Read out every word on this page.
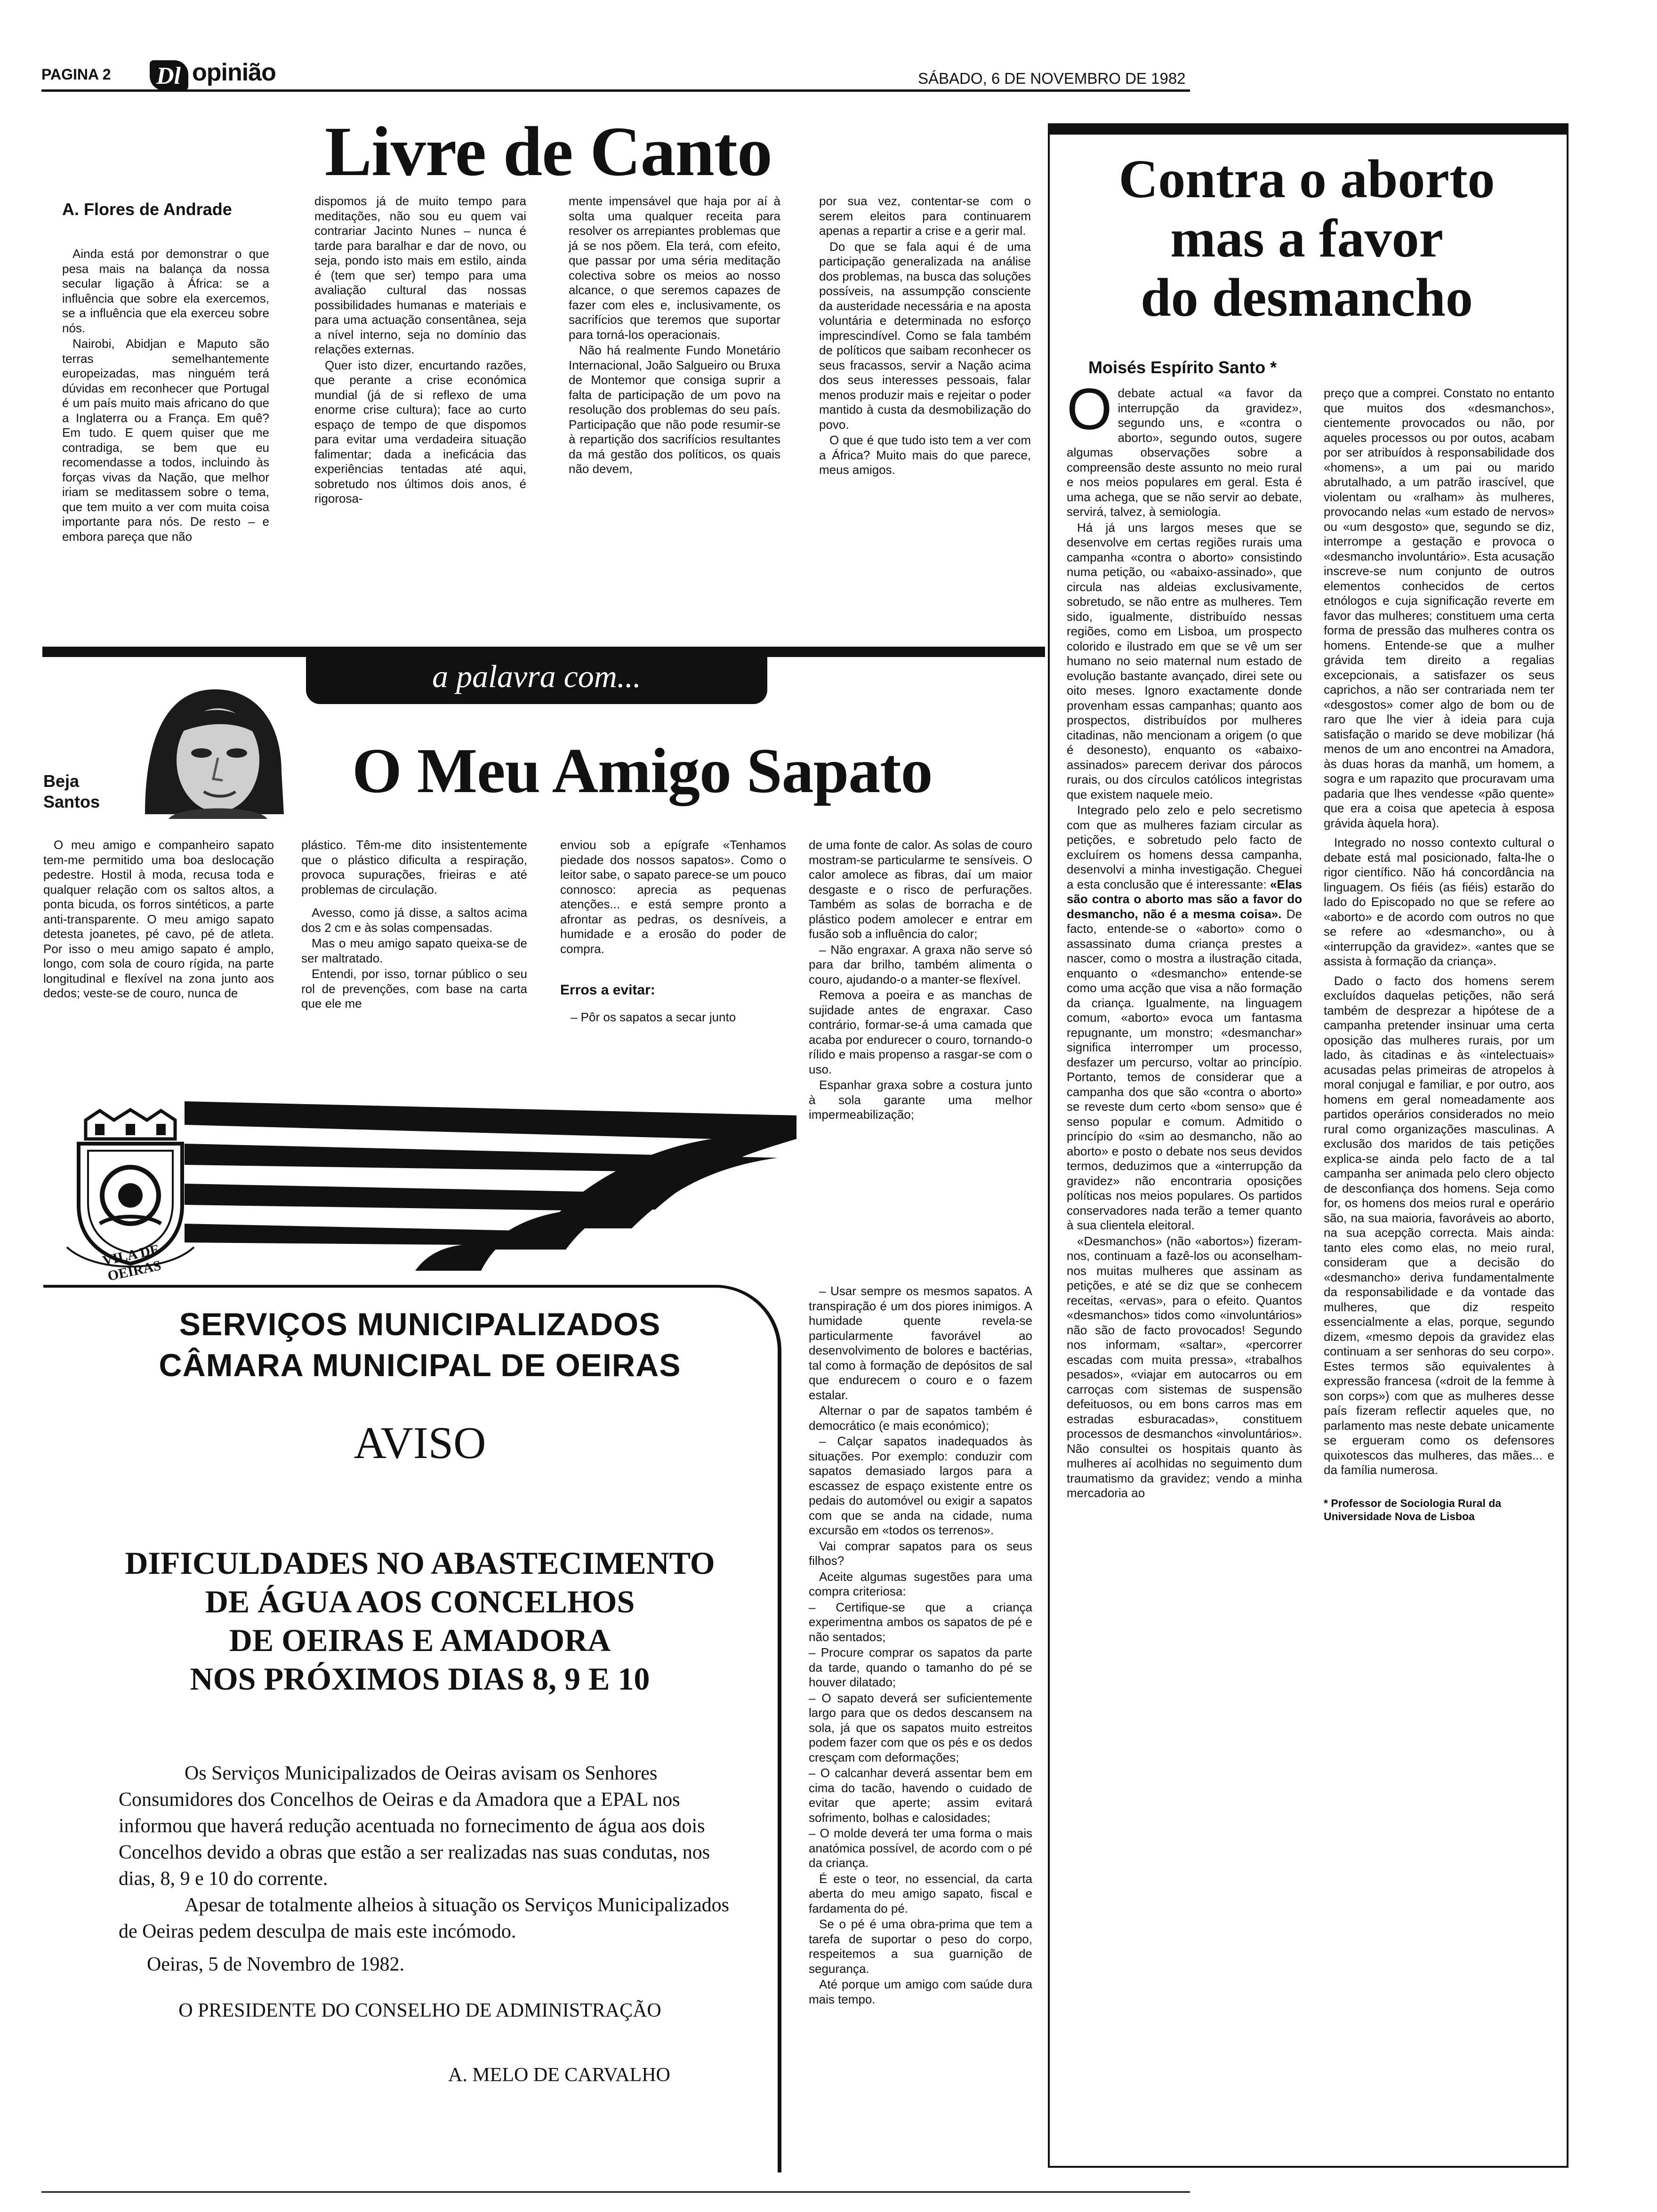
PAGINA 2 Dl opinião	SÁBADO, 6 DE NOVEMBRO DE 1982
Livre de Canto
A. Flores de Andrade

Ainda está por demonstrar o que pesa mais na balança da nossa secular ligação à África: se a influência que sobre ela exercemos, se a influência que ela exerceu sobre nós.

Nairobi, Abidjan e Maputo são terras semelhantemente europeizadas, mas ninguém terá dúvidas em reconhecer que Portugal é um país muito mais africano do que a Inglaterra ou a França. Em quê? Em tudo. E quem quiser que me contradiga, se bem que eu recomendasse a todos, incluindo às forças vivas da Nação, que melhor iriam se meditassem sobre o tema, que tem muito a ver com muita coisa importante para nós. De resto – e embora pareça que não

dispomos já de muito tempo para meditações, não sou eu quem vai contrariar Jacinto Nunes – nunca é tarde para baralhar e dar de novo, ou seja, pondo isto mais em estilo, ainda é (tem que ser) tempo para uma avaliação cultural das nossas possibilidades humanas e materiais e para uma actuação consentânea, seja a nível interno, seja no domínio das relações externas.

Quer isto dizer, encurtando razões, que perante a crise económica mundial (já de si reflexo de uma enorme crise cultura); face ao curto espaço de tempo de que dispomos para evitar uma verdadeira situação falimentar; dada a ineficácia das experiências tentadas até aqui, sobretudo nos últimos dois anos, é rigorosa-

mente impensável que haja por aí à solta uma qualquer receita para resolver os arrepiantes problemas que já se nos põem. Ela terá, com efeito, que passar por uma séria meditação colectiva sobre os meios ao nosso alcance, o que seremos capazes de fazer com eles e, inclusivamente, os sacrifícios que teremos que suportar para torná-los operacionais.

Não há realmente Fundo Monetário Internacional, João Salgueiro ou Bruxa de Montemor que consiga suprir a falta de participação de um povo na resolução dos problemas do seu país. Participação que não pode resumir-se à repartição dos sacrifícios resultantes da má gestão dos políticos, os quais não devem,

por sua vez, contentar-se com o serem eleitos para continuarem apenas a repartir a crise e a gerir mal.

Do que se fala aqui é de uma participação generalizada na análise dos problemas, na busca das soluções possíveis, na assumpção consciente da austeridade necessária e na aposta voluntária e determinada no esforço imprescindível. Como se fala também de políticos que saibam reconhecer os seus fracassos, servir a Nação acima dos seus interesses pessoais, falar menos produzir mais e rejeitar o poder mantido à custa da desmobilização do povo.

O que é que tudo isto tem a ver com a África? Muito mais do que parece, meus amigos.

a palavra com...
Beja Santos	O Meu Amigo Sapato

O meu amigo e companheiro sapato tem-me permitido uma boa deslocação pedestre. Hostil à moda, recusa toda e qualquer relação com os saltos altos, a ponta bicuda, os forros sintéticos, a parte anti-transparente. O meu amigo sapato detesta joanetes, pé cavo, pé de atleta. Por isso o meu amigo sapato é amplo, longo, com sola de couro rígida, na parte longitudinal e flexível na zona junto aos dedos; veste-se de couro, nunca de

plástico. Têm-me dito insistentemente que o plástico dificulta a respiração, provoca supurações, frieiras e até problemas de circulação.

Avesso, como já disse, a saltos acima dos 2 cm e às solas compensadas.

Mas o meu amigo sapato queixa-se de ser maltratado.

Entendi, por isso, tornar público o seu rol de prevenções, com base na carta que ele me

enviou sob a epígrafe «Tenhamos piedade dos nossos sapatos». Como o leitor sabe, o sapato parece-se um pouco connosco: aprecia as pequenas atenções... e está sempre pronto a afrontar as pedras, os desníveis, a humidade e a erosão do poder de compra.

Erros a evitar:

– Pôr os sapatos a secar junto

de uma fonte de calor. As solas de couro mostram-se particularme te sensíveis. O calor amolece as fibras, daí um maior desgaste e o risco de perfurações. Também as solas de borracha e de plástico podem amolecer e entrar em fusão sob a influência do calor;

– Não engraxar. A graxa não serve só para dar brilho, também alimenta o couro, ajudando-o a manter-se flexível.

Remova a poeira e as manchas de sujidade antes de engraxar. Caso contrário, formar-se-á uma camada que acaba por endurecer o couro, tornando-o rílido e mais propenso a rasgar-se com o uso.

Espanhar graxa sobre a costura junto à sola garante uma melhor impermeabilização;

– Usar sempre os mesmos sapatos. A transpiração é um dos piores inimigos. A humidade quente revela-se particularmente favorável ao desenvolvimento de bolores e bactérias, tal como à formação de depósitos de sal que endurecem o couro e o fazem estalar.

Alternar o par de sapatos também é democrático (e mais económico);

– Calçar sapatos inadequados às situações. Por exemplo: conduzir com sapatos demasiado largos para a escassez de espaço existente entre os pedais do automóvel ou exigir a sapatos com que se anda na cidade, numa excursão em «todos os terrenos».

Vai comprar sapatos para os seus filhos?

Aceite algumas sugestões para uma compra criteriosa:

– Certifique-se que a criança experimentna ambos os sapatos de pé e não sentados;

– Procure comprar os sapatos da parte da tarde, quando o tamanho do pé se houver dilatado;

– O sapato deverá ser suficientemente largo para que os dedos descansem na sola, já que os sapatos muito estreitos podem fazer com que os pés e os dedos cresçam com deformações;

– O calcanhar deverá assentar bem em cima do tacão, havendo o cuidado de evitar que aperte; assim evitará sofrimento, bolhas e calosidades;

– O molde deverá ter uma forma o mais anatómica possível, de acordo com o pé da criança.

É este o teor, no essencial, da carta aberta do meu amigo sapato, fiscal e fardamenta do pé.

Se o pé é uma obra-prima que tem a tarefa de suportar o peso do corpo, respeitemos a sua guarnição de segurança.

Até porque um amigo com saúde dura mais tempo.

VILA DE OEIRAS
SERVIÇOS MUNICIPALIZADOS
CÂMARA MUNICIPAL DE OEIRAS
AVISO
DIFICULDADES NO ABASTECIMENTO
DE ÁGUA AOS CONCELHOS
DE OEIRAS E AMADORA
NOS PRÓXIMOS DIAS 8, 9 E 10

Os Serviços Municipalizados de Oeiras avisam os Senhores Consumidores dos Concelhos de Oeiras e da Amadora que a EPAL nos informou que haverá redução acentuada no fornecimento de água aos dois Concelhos devido a obras que estão a ser realizadas nas suas condutas, nos dias, 8, 9 e 10 do corrente.

Apesar de totalmente alheios à situação os Serviços Municipalizados de Oeiras pedem desculpa de mais este incómodo.

Oeiras, 5 de Novembro de 1982.
O PRESIDENTE DO CONSELHO DE ADMINISTRAÇÃO
A. MELO DE CARVALHO
Contra o aborto
mas a favor
do desmancho
Moisés Espírito Santo *

O debate actual «a favor da interrupção da gravidez», segundo uns, e «contra o aborto», segundo outos, sugere algumas observações sobre a compreensão deste assunto no meio rural e nos meios populares em geral. Esta é uma achega, que se não servir ao debate, servirá, talvez, à semiologia.

Há já uns largos meses que se desenvolve em certas regiões rurais uma campanha «contra o aborto» consistindo numa petição, ou «abaixo-assinado», que circula nas aldeias exclusivamente, sobretudo, se não entre as mulheres. Tem sido, igualmente, distribuído nessas regiões, como em Lisboa, um prospecto colorido e ilustrado em que se vê um ser humano no seio maternal num estado de evolução bastante avançado, direi sete ou oito meses. Ignoro exactamente donde provenham essas campanhas; quanto aos prospectos, distribuídos por mulheres citadinas, não mencionam a origem (o que é desonesto), enquanto os «abaixo-assinados» parecem derivar dos párocos rurais, ou dos círculos católicos integristas que existem naquele meio.

Integrado pelo zelo e pelo secretismo com que as mulheres faziam circular as petições, e sobretudo pelo facto de excluírem os homens dessa campanha, desenvolvi a minha investigação. Cheguei a esta conclusão que é interessante: «Elas são contra o aborto mas são a favor do desmancho, não é a mesma coisa». De facto, entende-se o «aborto» como o assassinato duma criança prestes a nascer, como o mostra a ilustração citada, enquanto o «desmancho» entende-se como uma acção que visa a não formação da criança. Igualmente, na linguagem comum, «aborto» evoca um fantasma repugnante, um monstro; «desmanchar» significa interromper um processo, desfazer um percurso, voltar ao princípio. Portanto, temos de considerar que a campanha dos que são «contra o aborto» se reveste dum certo «bom senso» que é senso popular e comum. Admitido o princípio do «sim ao desmancho, não ao aborto» e posto o debate nos seus devidos termos, deduzimos que a «interrupção da gravidez» não encontraria oposições políticas nos meios populares. Os partidos conservadores nada terão a temer quanto à sua clientela eleitoral.

«Desmanchos» (não «abortos») fizeram-nos, continuam a fazê-los ou aconselham-nos muitas mulheres que assinam as petições, e até se diz que se conhecem receitas, «ervas», para o efeito. Quantos «desmanchos» tidos como «involuntários» não são de facto provocados! Segundo nos informam, «saltar», «percorrer escadas com muita pressa», «trabalhos pesados», «viajar em autocarros ou em carroças com sistemas de suspensão defeituosos, ou em bons carros mas em estradas esburacadas», constituem processos de desmanchos «involuntários». Não consultei os hospitais quanto às mulheres aí acolhidas no seguimento dum traumatismo da gravidez; vendo a minha mercadoria ao

preço que a comprei. Constato no entanto que muitos dos «desmanchos», cientemente provocados ou não, por aqueles processos ou por outos, acabam por ser atribuídos à responsabilidade dos «homens», a um pai ou marido abrutalhado, a um patrão irascível, que violentam ou «ralham» às mulheres, provocando nelas «um estado de nervos» ou «um desgosto» que, segundo se diz, interrompe a gestação e provoca o «desmancho involuntário». Esta acusação inscreve-se num conjunto de outros elementos conhecidos de certos etnólogos e cuja significação reverte em favor das mulheres; constituem uma certa forma de pressão das mulheres contra os homens. Entende-se que a mulher grávida tem direito a regalias excepcionais, a satisfazer os seus caprichos, a não ser contrariada nem ter «desgostos» comer algo de bom ou de raro que lhe vier à ideia para cuja satisfação o marido se deve mobilizar (há menos de um ano encontrei na Amadora, às duas horas da manhã, um homem, a sogra e um rapazito que procuravam uma padaria que lhes vendesse «pão quente» que era a coisa que apetecia à esposa grávida àquela hora).

Integrado no nosso contexto cultural o debate está mal posicionado, falta-lhe o rigor científico. Não há concordância na linguagem. Os fiéis (as fiéis) estarão do lado do Episcopado no que se refere ao «aborto» e de acordo com outros no que se refere ao «desmancho», ou à «interrupção da gravidez». «antes que se assista à formação da criança».

Dado o facto dos homens serem excluídos daquelas petições, não será também de desprezar a hipótese de a campanha pretender insinuar uma certa oposição das mulheres rurais, por um lado, às citadinas e às «intelectuais» acusadas pelas primeiras de atropelos à moral conjugal e familiar, e por outro, aos homens em geral nomeadamente aos partidos operários considerados no meio rural como organizações masculinas. A exclusão dos maridos de tais petições explica-se ainda pelo facto de a tal campanha ser animada pelo clero objecto de desconfiança dos homens. Seja como for, os homens dos meios rural e operário são, na sua maioria, favoráveis ao aborto, na sua acepção correcta. Mais ainda: tanto eles como elas, no meio rural, consideram que a decisão do «desmancho» deriva fundamentalmente da responsabilidade e da vontade das mulheres, que diz respeito essencialmente a elas, porque, segundo dizem, «mesmo depois da gravidez elas continuam a ser senhoras do seu corpo». Estes termos são equivalentes à expressão francesa («droit de la femme à son corps») com que as mulheres desse país fizeram reflectir aqueles que, no parlamento mas neste debate unicamente se ergueram como os defensores quixotescos das mulheres, das mães... e da família numerosa.

* Professor de Sociologia Rural da Universidade Nova de Lisboa
